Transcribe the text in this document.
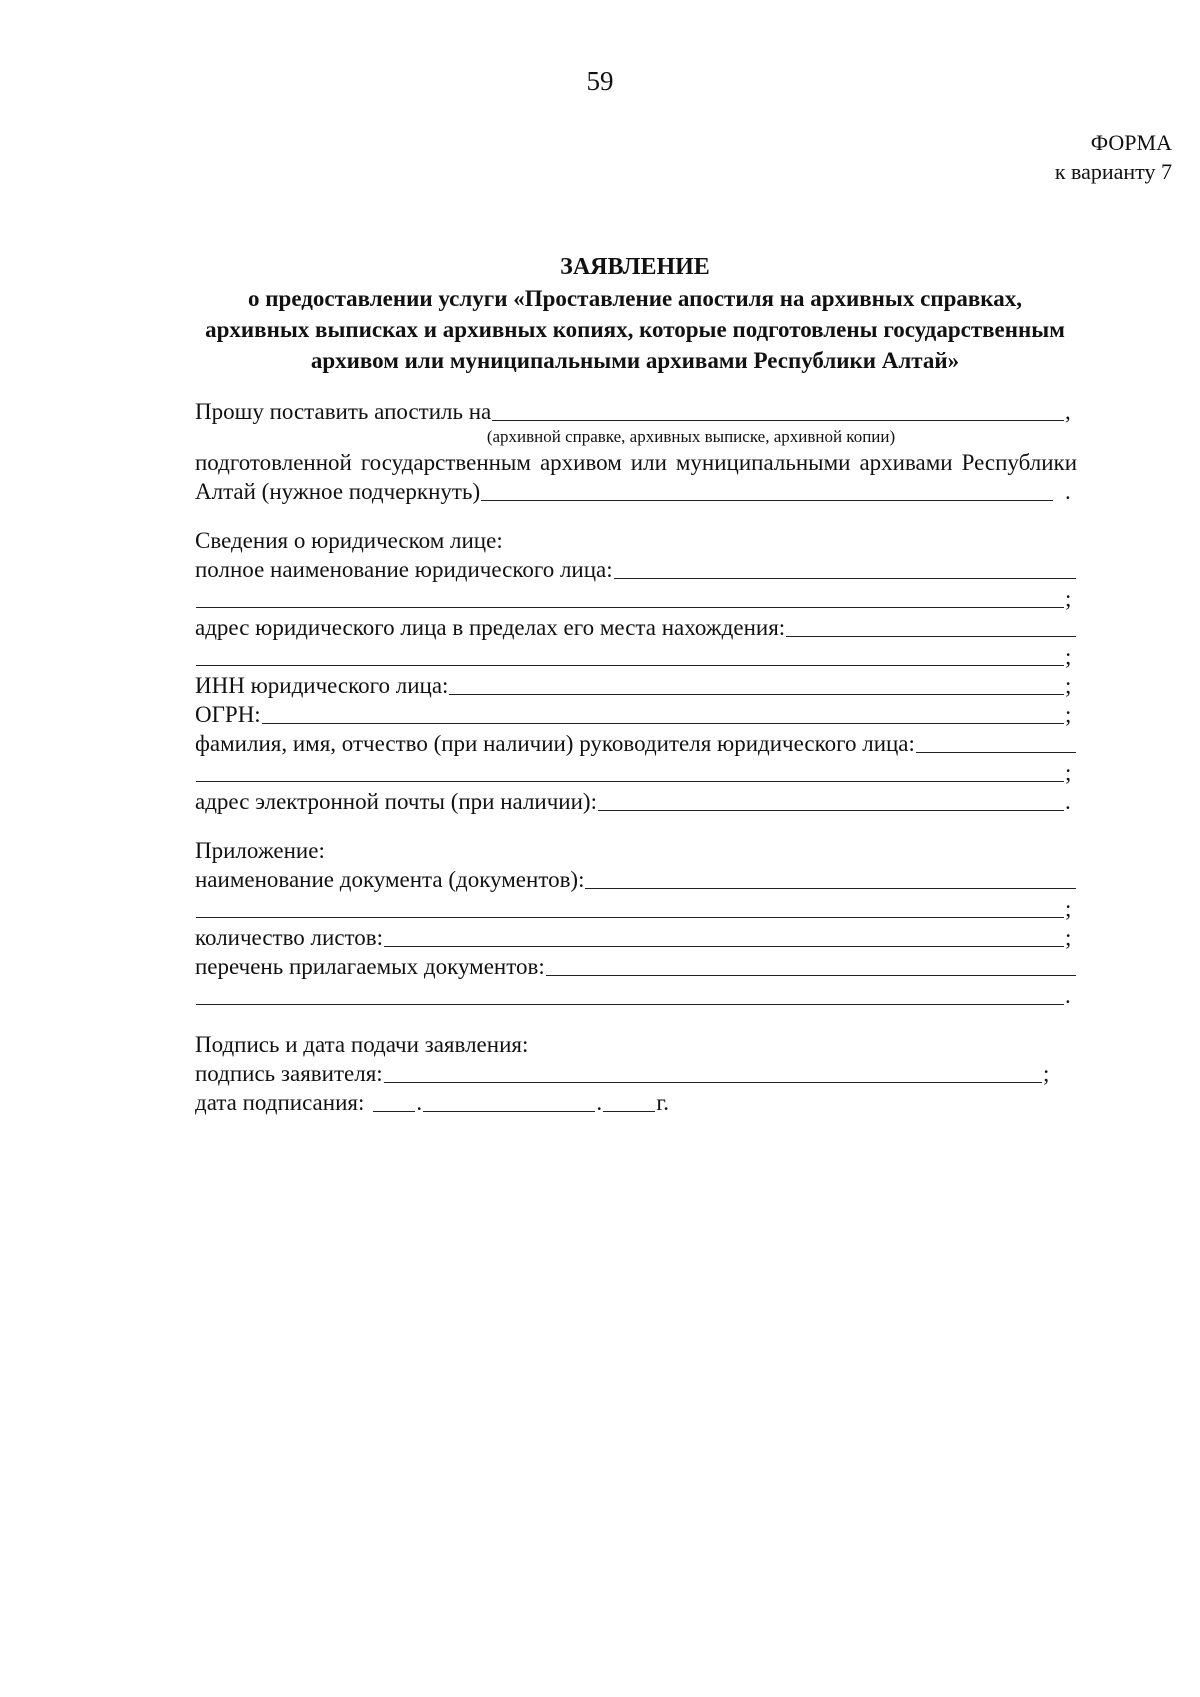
59
ФОРМА
к варианту 7
ЗАЯВЛЕНИЕ
о предоставлении услуги «Проставление апостиля на архивных справках,
архивных выписках и архивных копиях, которые подготовлены государственным
архивом или муниципальными архивами Республики Алтай»
Прошу поставить апостиль на	,
(архивной справке, архивных выписке, архивной копии)
подготовленной государственным архивом или муниципальными архивами Республики
Алтай (нужное подчеркнуть)	.
Сведения о юридическом лице:
полное наименование юридического лица:
;
адрес юридического лица в пределах его места нахождения:
;
ИНН юридического лица:	;
ОГРН:	;
фамилия, имя, отчество (при наличии) руководителя юридического лица:
;
адрес электронной почты (при наличии):	.
Приложение:
наименование документа (документов):
;
количество листов:	;
перечень прилагаемых документов:
.
Подпись и дата подачи заявления:
подпись заявителя:	;
дата подписания: .	. г.
